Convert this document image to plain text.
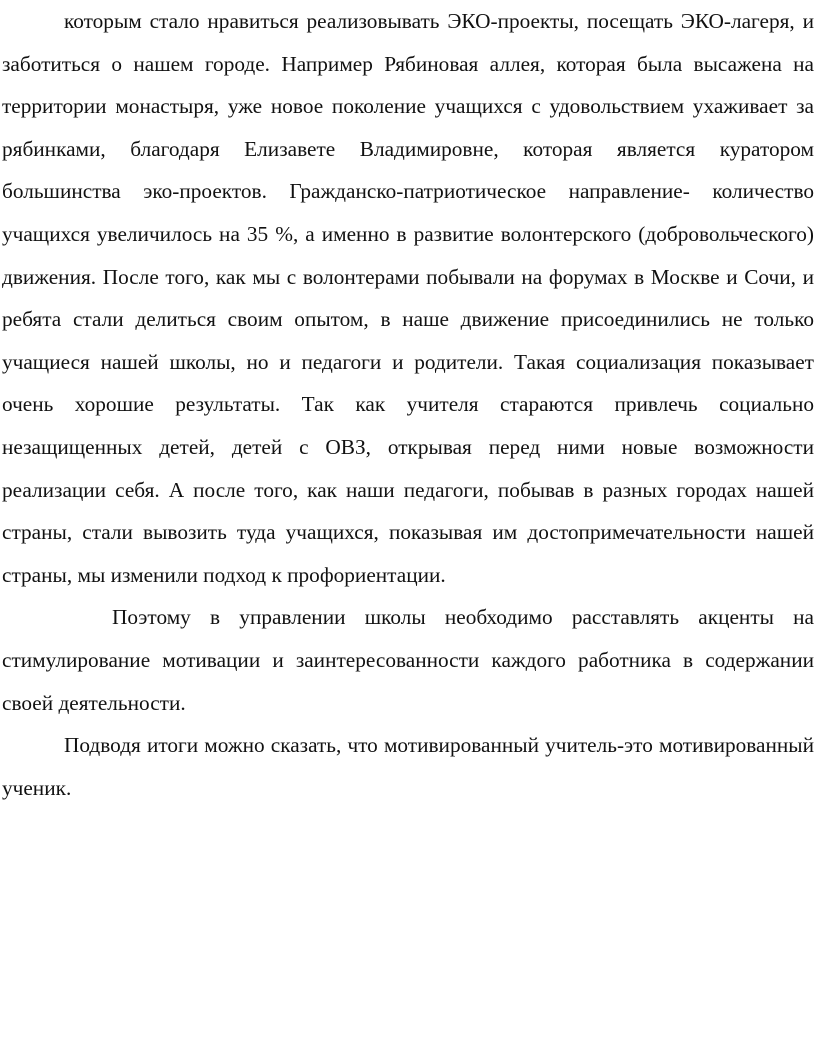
которым стало нравиться реализовывать ЭКО-проекты, посещать ЭКО-лагеря, и заботиться о нашем городе. Например Рябиновая аллея, которая была высажена на территории монастыря, уже новое поколение учащихся с удовольствием ухаживает за рябинками, благодаря Елизавете Владимировне, которая является куратором большинства эко-проектов. Гражданско-патриотическое направление- количество учащихся увеличилось на 35 %, а именно в развитие волонтерского (добровольческого) движения. После того, как мы с волонтерами побывали на форумах в Москве и Сочи, и ребята стали делиться своим опытом, в наше движение присоединились не только учащиеся нашей школы, но и педагоги и родители. Такая социализация показывает очень хорошие результаты. Так как учителя стараются привлечь социально незащищенных детей, детей с ОВЗ, открывая перед ними новые возможности реализации себя. А после того, как наши педагоги, побывав в разных городах нашей страны, стали вывозить туда учащихся, показывая им достопримечательности нашей страны, мы изменили подход к профориентации.

Поэтому в управлении школы необходимо расставлять акценты на стимулирование мотивации и заинтересованности каждого работника в содержании своей деятельности.

Подводя итоги можно сказать, что мотивированный учитель-это мотивированный ученик.
